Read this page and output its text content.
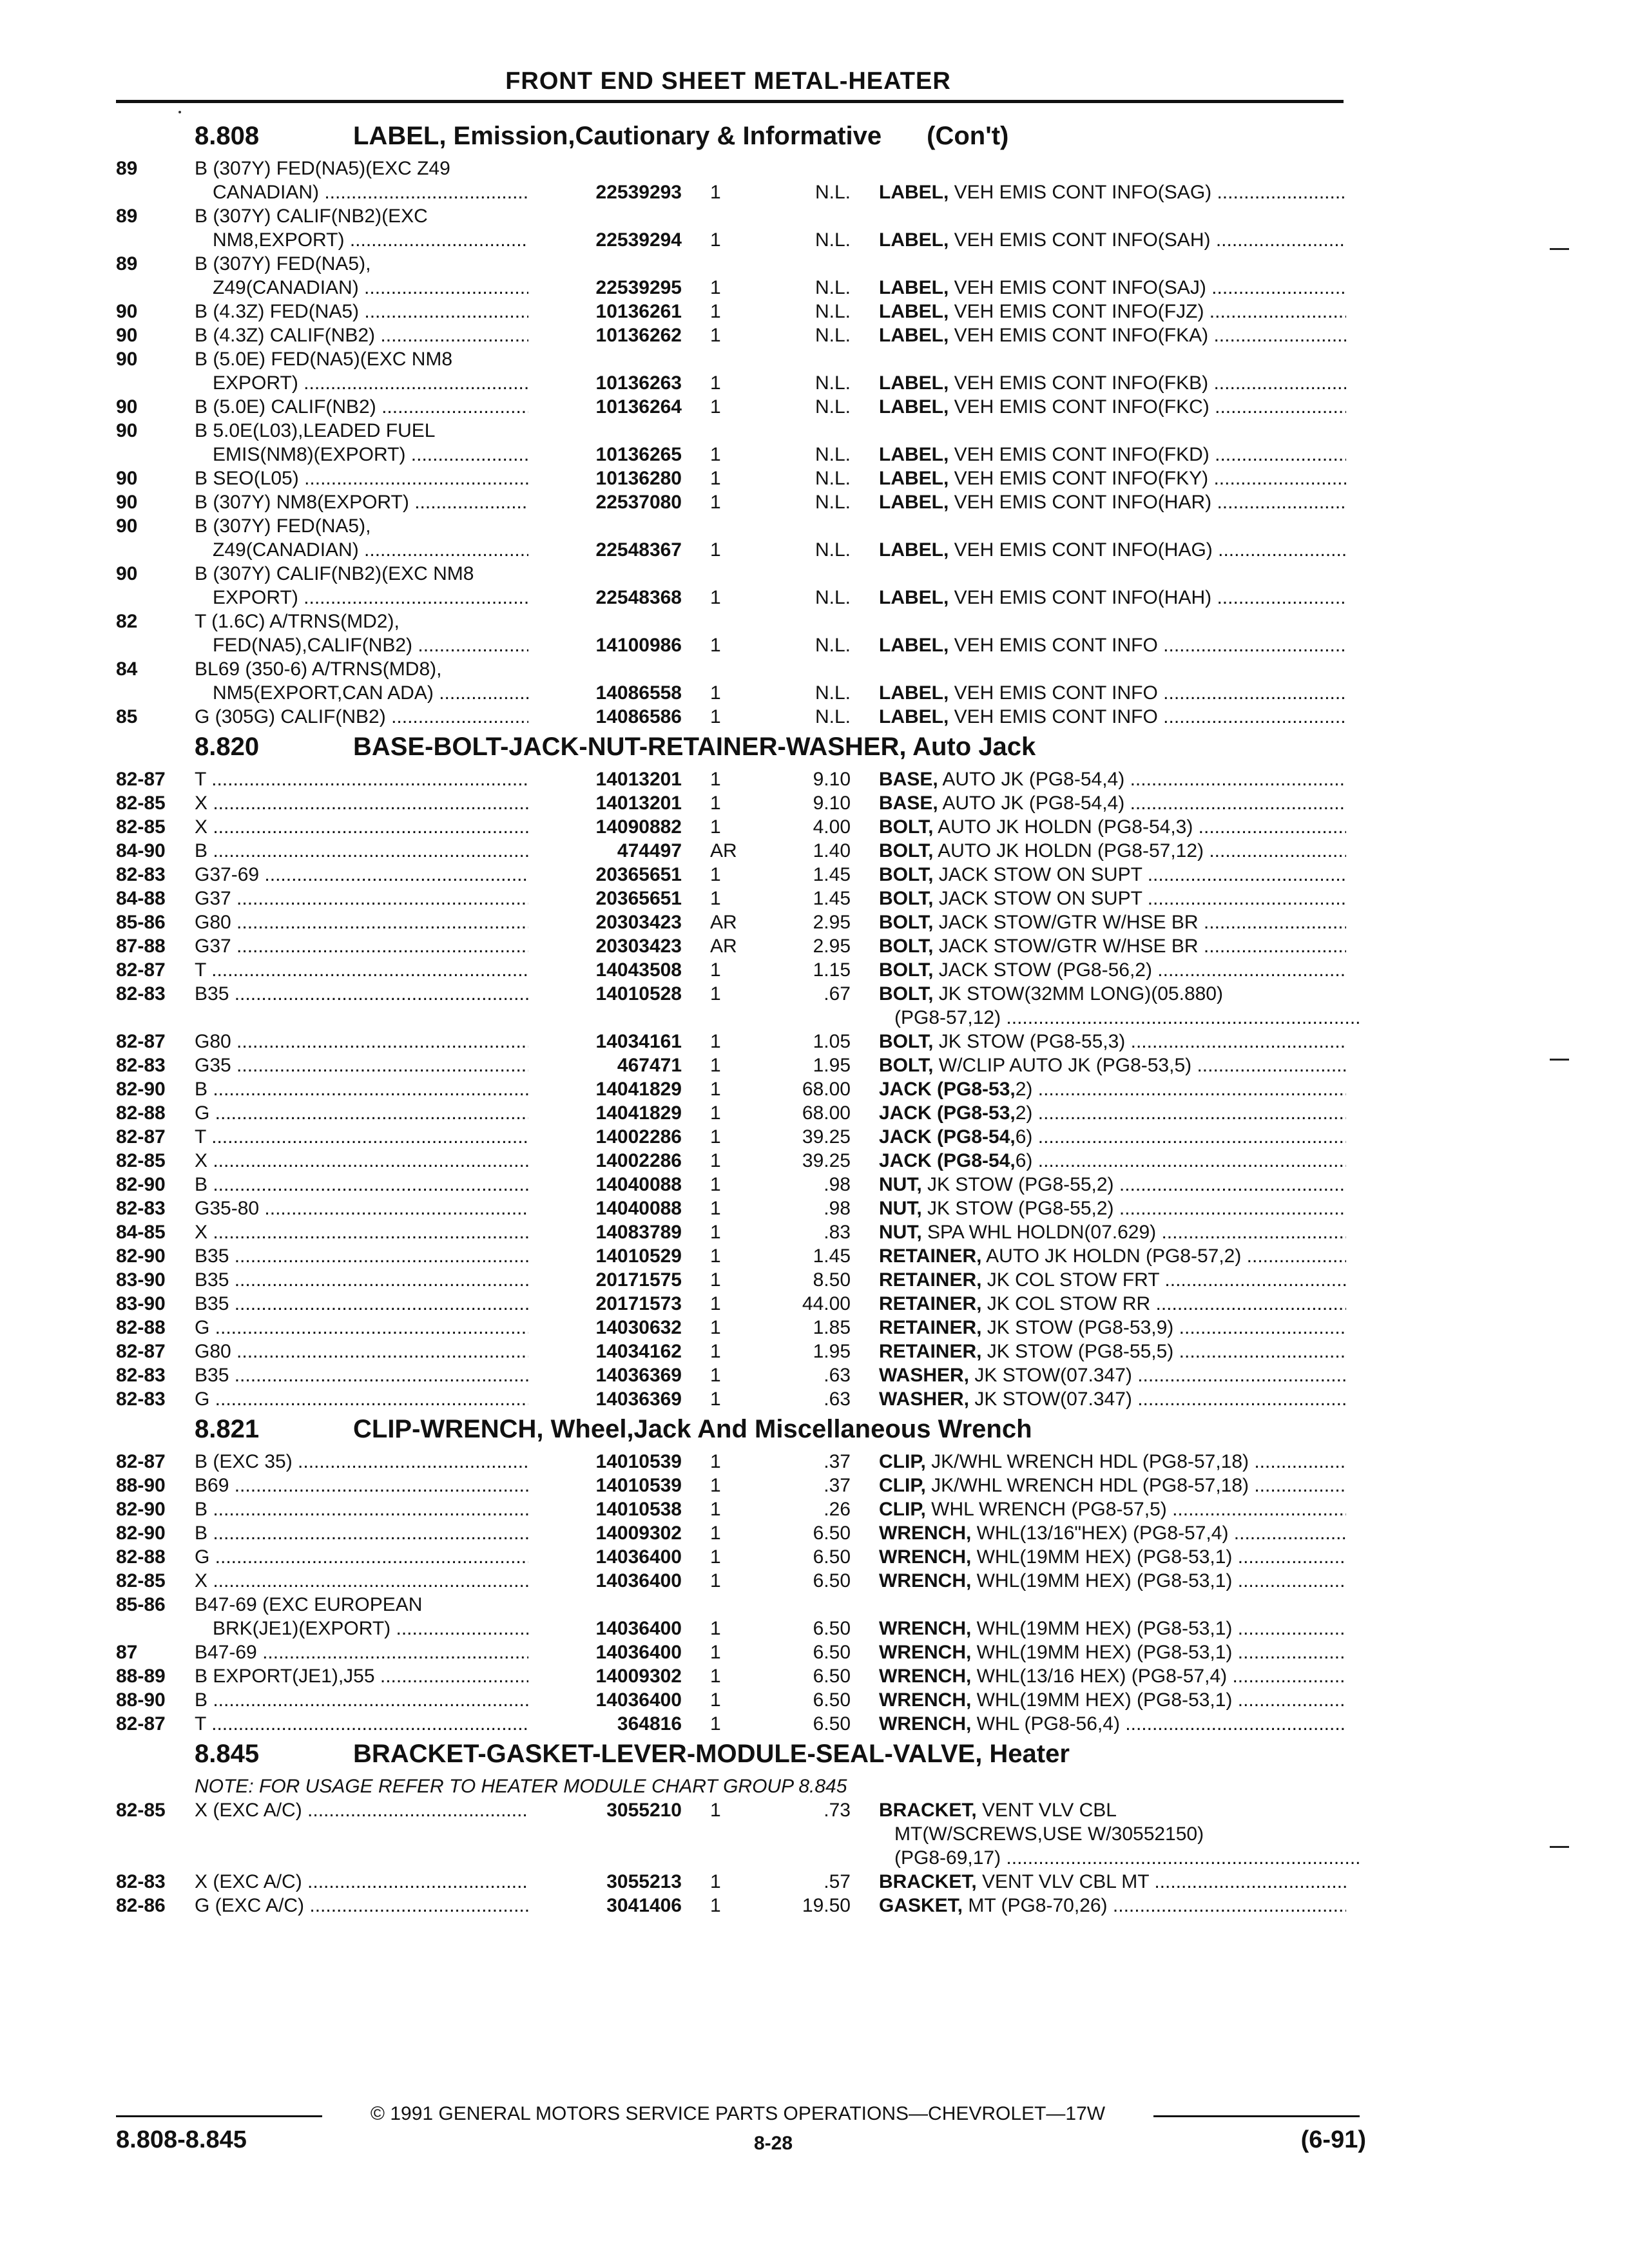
FRONT END SHEET METAL-HEATER
8.808	LABEL, Emission,Cautionary & Informative (Con't)
89	B (307Y) FED(NA5)(EXC Z49
CANADIAN) .....	22539293 1	N.L. LABEL, VEH EMIS CONT INFO(SAG) .....
89	B (307Y) CALIF(NB2)(EXC
NM8,EXPORT) .....	22539294 1	N.L. LABEL, VEH EMIS CONT INFO(SAH) .....
89	B (307Y) FED(NA5),
Z49(CANADIAN) .....	22539295 1	N.L. LABEL, VEH EMIS CONT INFO(SAJ) .....
90	B (4.3Z) FED(NA5) .....	10136261 1	N.L. LABEL, VEH EMIS CONT INFO(FJZ) .....
90	B (4.3Z) CALIF(NB2) .....	10136262 1	N.L. LABEL, VEH EMIS CONT INFO(FKA) .....
90	B (5.0E) FED(NA5)(EXC NM8
EXPORT) .....	10136263 1	N.L. LABEL, VEH EMIS CONT INFO(FKB) .....
90	B (5.0E) CALIF(NB2) .....	10136264 1	N.L. LABEL, VEH EMIS CONT INFO(FKC) .....
90	B 5.0E(L03),LEADED FUEL
EMIS(NM8)(EXPORT) .....	10136265 1	N.L. LABEL, VEH EMIS CONT INFO(FKD) .....
90	B SEO(L05) .....	10136280 1	N.L. LABEL, VEH EMIS CONT INFO(FKY) .....
90	B (307Y) NM8(EXPORT) .....	22537080 1	N.L. LABEL, VEH EMIS CONT INFO(HAR) .....
90	B (307Y) FED(NA5),
Z49(CANADIAN) .....	22548367 1	N.L. LABEL, VEH EMIS CONT INFO(HAG) .....
90	B (307Y) CALIF(NB2)(EXC NM8
EXPORT) .....	22548368 1	N.L. LABEL, VEH EMIS CONT INFO(HAH) .....
82	T (1.6C) A/TRNS(MD2),
FED(NA5),CALIF(NB2) .....	14100986 1	N.L. LABEL, VEH EMIS CONT INFO .....
84	BL69 (350-6) A/TRNS(MD8),
NM5(EXPORT,CAN ADA) .....	14086558 1	N.L. LABEL, VEH EMIS CONT INFO .....
85	G (305G) CALIF(NB2) .....	14086586 1	N.L. LABEL, VEH EMIS CONT INFO .....
8.820	BASE-BOLT-JACK-NUT-RETAINER-WASHER, Auto Jack
82-87 T .....	14013201 1	9.10 BASE, AUTO JK (PG8-54,4) .....
82-85 X .....	14013201 1	9.10 BASE, AUTO JK (PG8-54,4) .....
82-85 X .....	14090882 1	4.00 BOLT, AUTO JK HOLDN (PG8-54,3) .....
84-90 B .....	474497 AR	1.40 BOLT, AUTO JK HOLDN (PG8-57,12) .....
82-83 G37-69 .....	20365651 1	1.45 BOLT, JACK STOW ON SUPT .....
84-88 G37 .....	20365651 1	1.45 BOLT, JACK STOW ON SUPT .....
85-86 G80 .....	20303423 AR	2.95 BOLT, JACK STOW/GTR W/HSE BR .....
87-88 G37 .....	20303423 AR	2.95 BOLT, JACK STOW/GTR W/HSE BR .....
82-87 T .....	14043508 1	1.15 BOLT, JACK STOW (PG8-56,2) .....
82-83 B35 .....	14010528 1	.67 BOLT, JK STOW(32MM LONG)(05.880)
(PG8-57,12) .....
82-87 G80 .....	14034161 1	1.05 BOLT, JK STOW (PG8-55,3) .....
82-83 G35 .....	467471 1	1.95 BOLT, W/CLIP AUTO JK (PG8-53,5) .....
82-90 B .....	14041829 1	68.00 JACK (PG8-53,2) .....
82-88 G .....	14041829 1	68.00 JACK (PG8-53,2) .....
82-87 T .....	14002286 1	39.25 JACK (PG8-54,6) .....
82-85 X .....	14002286 1	39.25 JACK (PG8-54,6) .....
82-90 B .....	14040088 1	.98 NUT, JK STOW (PG8-55,2) .....
82-83 G35-80 .....	14040088 1	.98 NUT, JK STOW (PG8-55,2) .....
84-85 X .....	14083789 1	.83 NUT, SPA WHL HOLDN(07.629) .....
82-90 B35 .....	14010529 1	1.45 RETAINER, AUTO JK HOLDN (PG8-57,2) .....
83-90 B35 .....	20171575 1	8.50 RETAINER, JK COL STOW FRT .....
83-90 B35 .....	20171573 1	44.00 RETAINER, JK COL STOW RR .....
82-88 G .....	14030632 1	1.85 RETAINER, JK STOW (PG8-53,9) .....
82-87 G80 .....	14034162 1	1.95 RETAINER, JK STOW (PG8-55,5) .....
82-83 B35 .....	14036369 1	.63 WASHER, JK STOW(07.347) .....
82-83 G .....	14036369 1	.63 WASHER, JK STOW(07.347) .....
8.821	CLIP-WRENCH, Wheel,Jack And Miscellaneous Wrench
82-87 B (EXC 35) .....	14010539 1	.37 CLIP, JK/WHL WRENCH HDL (PG8-57,18) .....
88-90 B69 .....	14010539 1	.37 CLIP, JK/WHL WRENCH HDL (PG8-57,18) .....
82-90 B .....	14010538 1	.26 CLIP, WHL WRENCH (PG8-57,5) .....
82-90 B .....	14009302 1	6.50 WRENCH, WHL(13/16"HEX) (PG8-57,4) .....
82-88 G .....	14036400 1	6.50 WRENCH, WHL(19MM HEX) (PG8-53,1) .....
82-85 X .....	14036400 1	6.50 WRENCH, WHL(19MM HEX) (PG8-53,1) .....
85-86 B47-69 (EXC EUROPEAN
BRK(JE1)(EXPORT) .....	14036400 1	6.50 WRENCH, WHL(19MM HEX) (PG8-53,1) .....
87	B47-69 .....	14036400 1	6.50 WRENCH, WHL(19MM HEX) (PG8-53,1) .....
88-89 B EXPORT(JE1),J55 .....	14009302 1	6.50 WRENCH, WHL(13/16 HEX) (PG8-57,4) .....
88-90 B .....	14036400 1	6.50 WRENCH, WHL(19MM HEX) (PG8-53,1) .....
82-87 T .....	364816 1	6.50 WRENCH, WHL (PG8-56,4) .....
8.845	BRACKET-GASKET-LEVER-MODULE-SEAL-VALVE, Heater
NOTE: FOR USAGE REFER TO HEATER MODULE CHART GROUP 8.845
82-85 X (EXC A/C) .....	3055210 1	.73 BRACKET, VENT VLV CBL
MT(W/SCREWS,USE W/30552150)
(PG8-69,17) .....
82-83 X (EXC A/C) .....	3055213 1	.57 BRACKET, VENT VLV CBL MT .....
82-86 G (EXC A/C) .....	3041406 1	19.50 GASKET, MT (PG8-70,26) .....
© 1991 GENERAL MOTORS SERVICE PARTS OPERATIONS—CHEVROLET—17W
8.808-8.845	8-28	(6-91)
